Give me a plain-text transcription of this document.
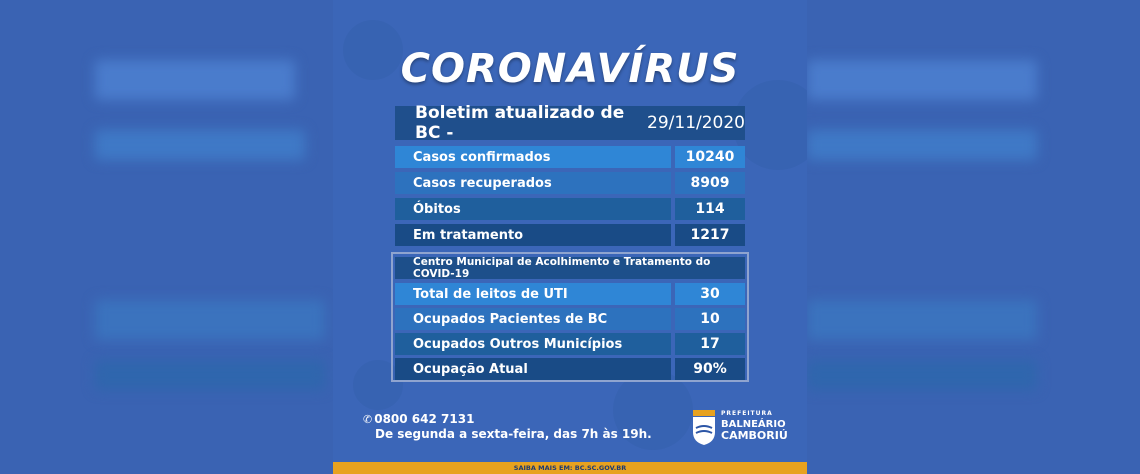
CORONAVÍRUS
Boletim atualizado de BC -	29/11/2020
Casos confirmados	10240
Casos recuperados	8909
Óbitos	114
Em tratamento	1217
Centro Municipal de Acolhimento e Tratamento do COVID-19
Total de leitos de UTI	30
Ocupados Pacientes de BC	10
Ocupados Outros Municípios	17
Ocupação Atual	90%
✆ 0800 642 7131
De segunda a sexta-feira, das 7h às 19h.
PREFEITURA
BALNEÁRIO
CAMBORIÚ
SAIBA MAIS EM: BC.SC.GOV.BR
